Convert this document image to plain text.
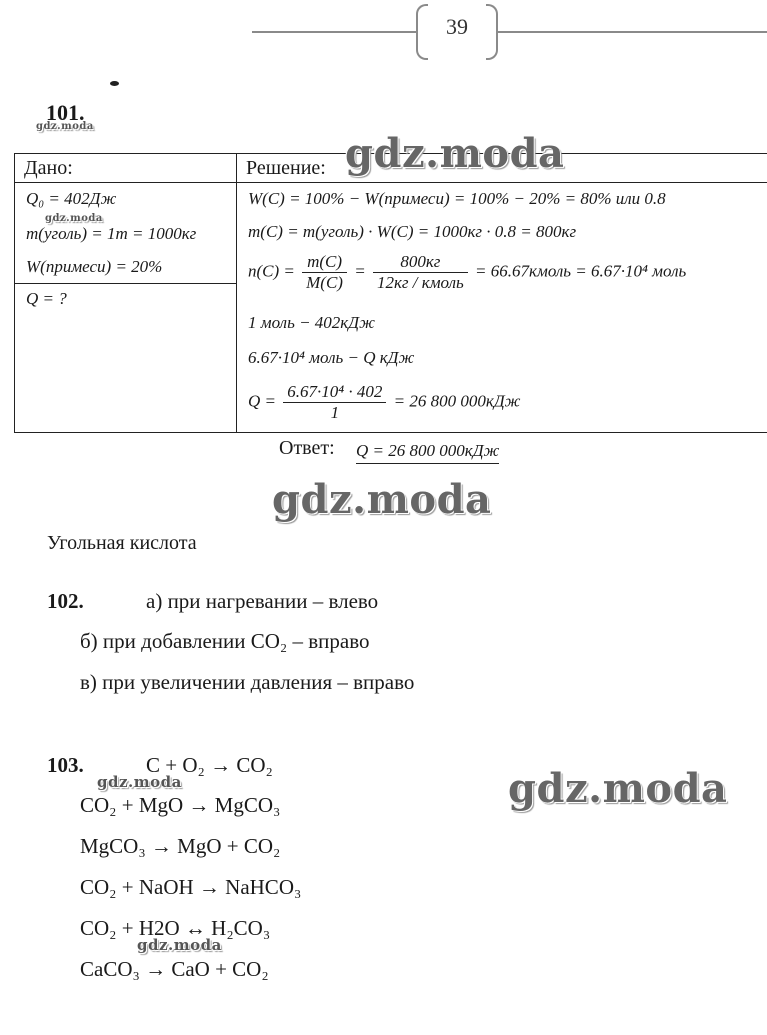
39
101.
gdz.moda
Дано:	Решение: gdz.moda
Q₀ = 402Дж
gdz.moda
m(уголь) = 1т = 1000кг
W(примеси) = 20%
Q = ?
W(C) = 100% − W(примеси) = 100% − 20% = 80% или 0.8
m(C) = m(уголь) · W(C) = 1000кг · 0.8 = 800кг
$n(C) = \frac{m(C)}{M(C)} = \frac{800кг}{\text{12кг / кмоль}}$ = 66.67кмоль = 6.67·10⁴ моль
1 моль − 402кДж
6.67·10⁴ моль − Q кДж
$Q = \frac{\text{6.67·10⁴ · 402}}{1} = 26$ 800 000кДж
Ответ: Q = 26 800 000кДж
gdz.moda
Угольная кислота
102.	а) при нагревании – влево
б) при добавлении СО₂ – вправо
в) при увеличении давления – вправо
103.	C + O₂ → CO₂
gdz.moda
CO₂ + MgO → MgCO₃	gdz.moda
MgCO₃ → MgO + CO₂
CO₂ + NaOH → NaHCO₃
CO₂ + H2O ↔ H₂CO₃
gdz.moda
CaCO₃ → CaO + CO₂
